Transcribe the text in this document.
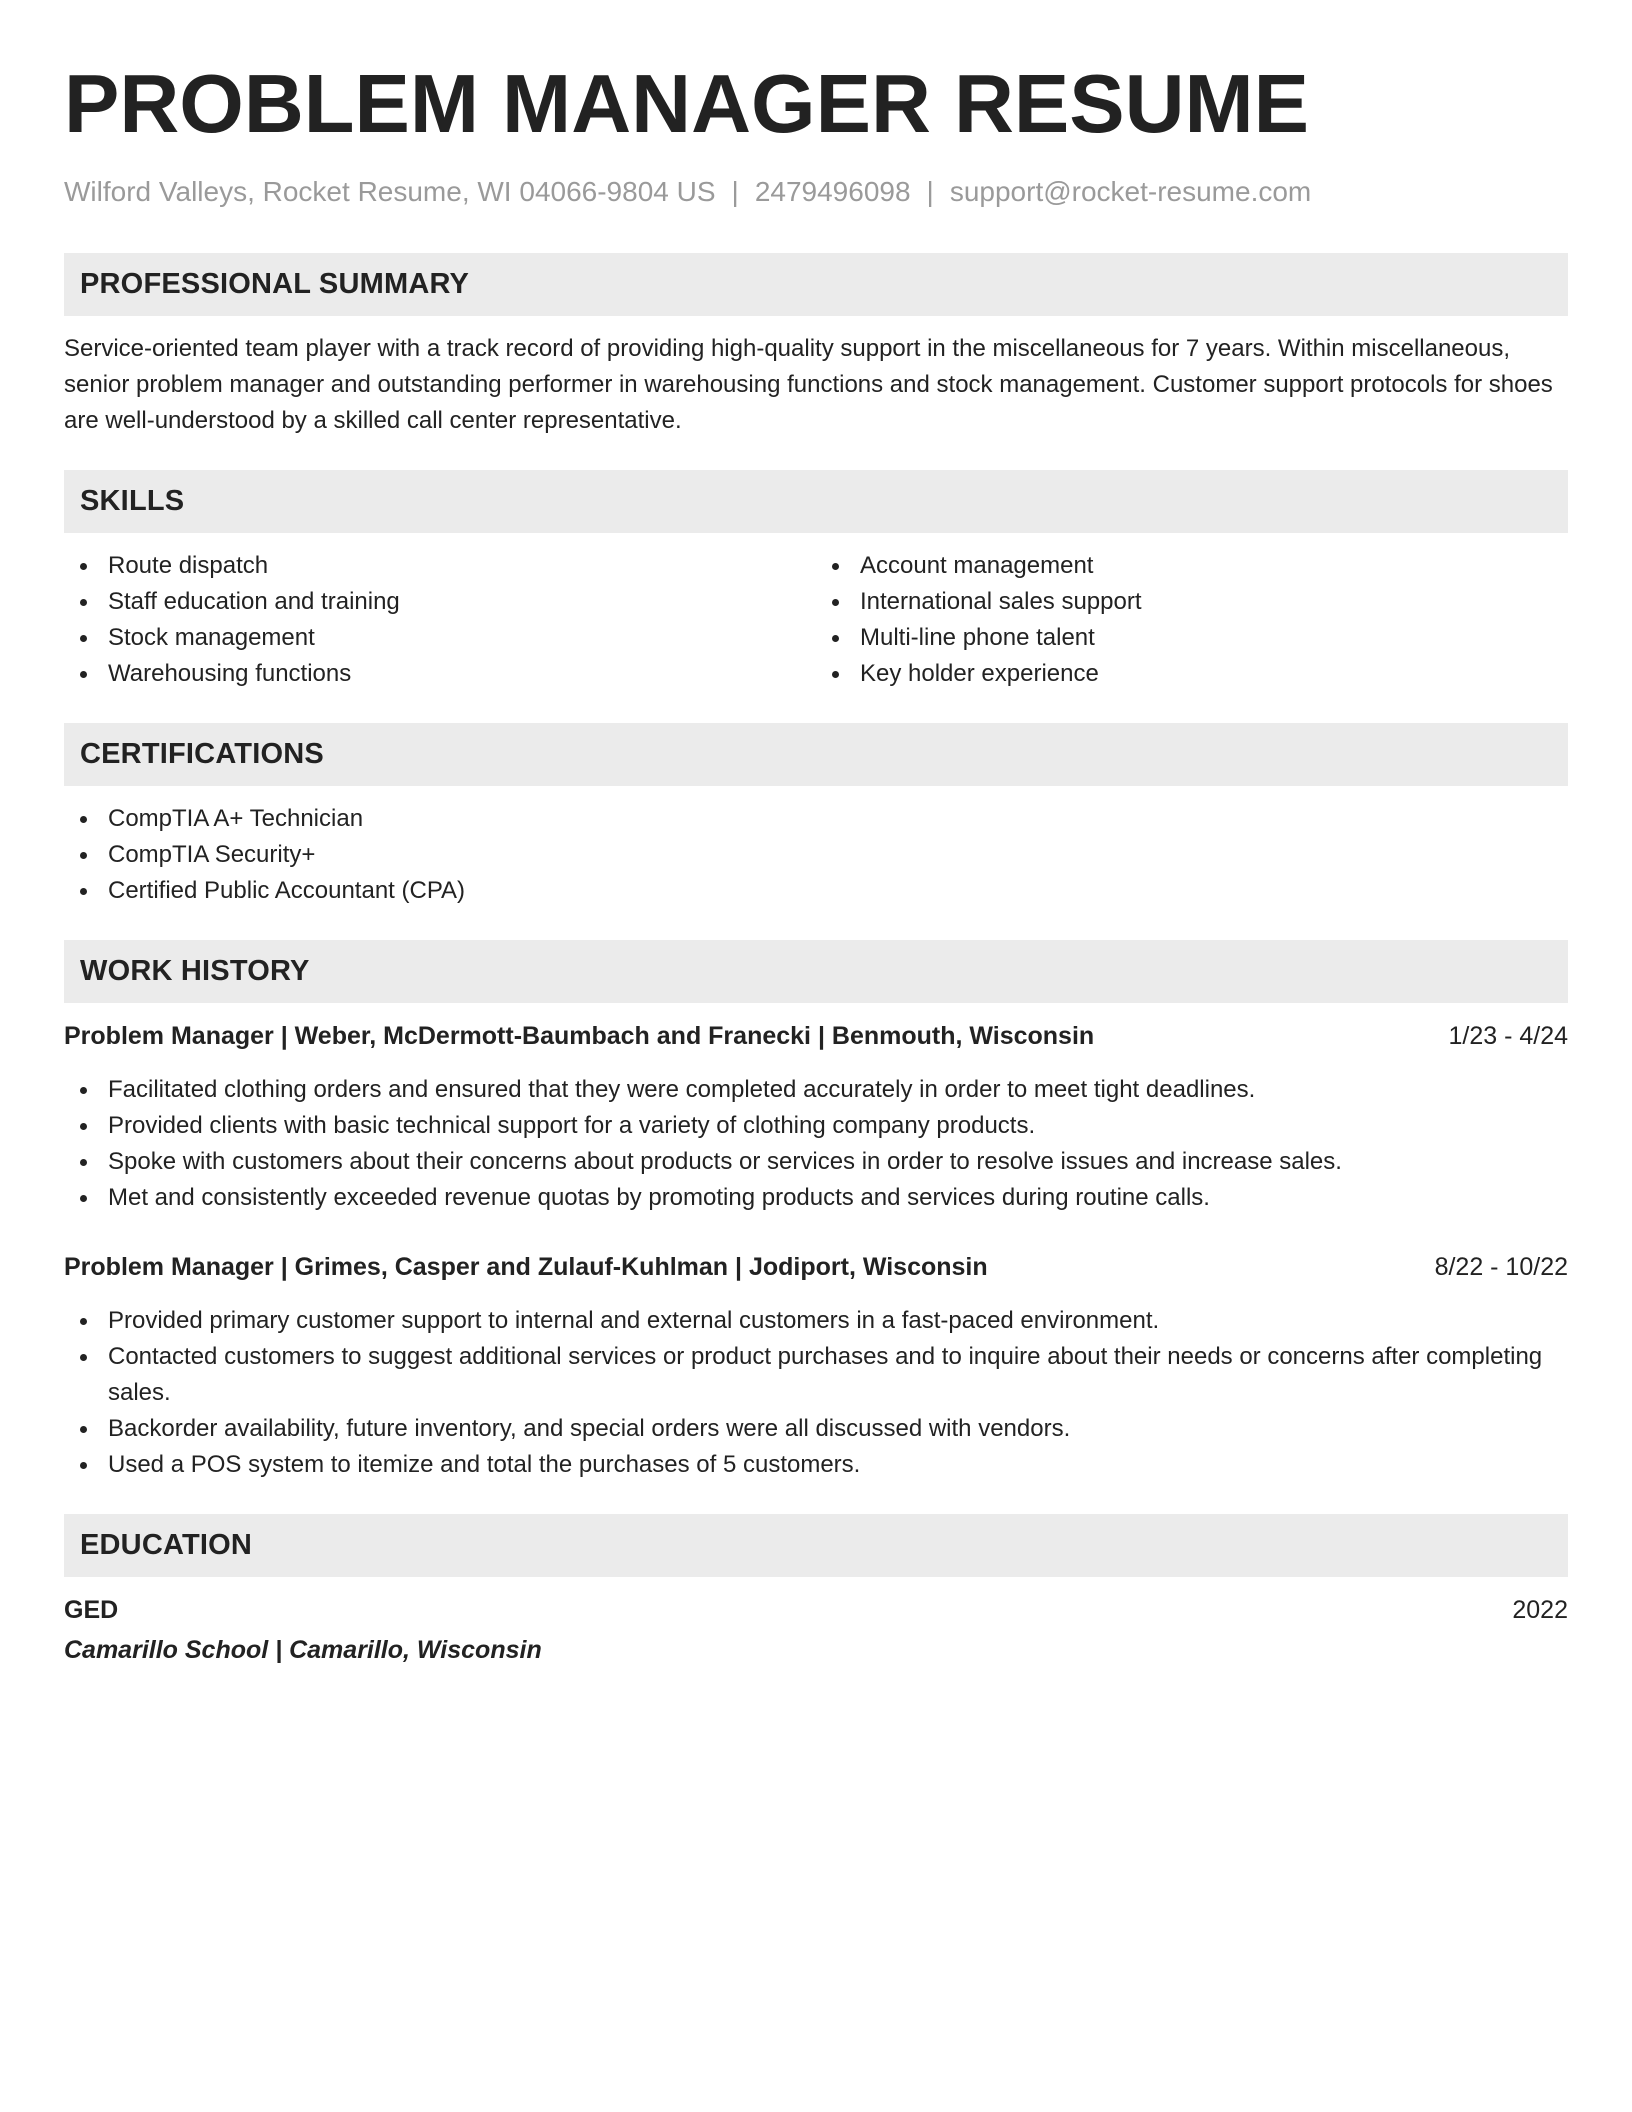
PROBLEM MANAGER RESUME
Wilford Valleys, Rocket Resume, WI 04066-9804 US | 2479496098 | support@rocket-resume.com
PROFESSIONAL SUMMARY

Service-oriented team player with a track record of providing high-quality support in the miscellaneous for 7 years. Within miscellaneous, senior problem manager and outstanding performer in warehousing functions and stock management. Customer support protocols for shoes are well-understood by a skilled call center representative.

SKILLS
Route dispatch
Staff education and training
Stock management
Warehousing functions
Account management
International sales support
Multi-line phone talent
Key holder experience
CERTIFICATIONS
CompTIA A+ Technician
CompTIA Security+
Certified Public Accountant (CPA)
WORK HISTORY
Problem Manager | Weber, McDermott-Baumbach and Franecki | Benmouth, Wisconsin	1/23 - 4/24
Facilitated clothing orders and ensured that they were completed accurately in order to meet tight deadlines.
Provided clients with basic technical support for a variety of clothing company products.
Spoke with customers about their concerns about products or services in order to resolve issues and increase sales.
Met and consistently exceeded revenue quotas by promoting products and services during routine calls.
Problem Manager | Grimes, Casper and Zulauf-Kuhlman | Jodiport, Wisconsin	8/22 - 10/22
Provided primary customer support to internal and external customers in a fast-paced environment.
Contacted customers to suggest additional services or product purchases and to inquire about their needs or concerns after completing sales.
Backorder availability, future inventory, and special orders were all discussed with vendors.
Used a POS system to itemize and total the purchases of 5 customers.
EDUCATION
GED	2022
Camarillo School | Camarillo, Wisconsin
